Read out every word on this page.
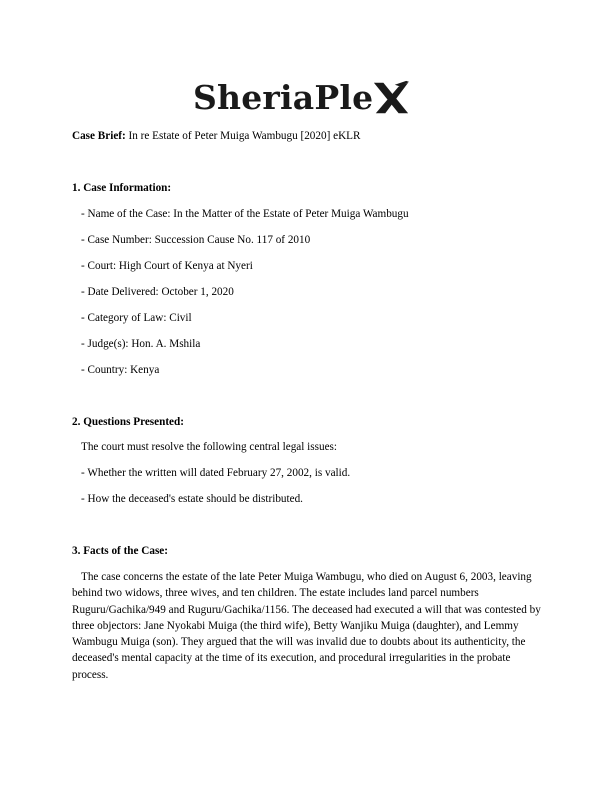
SheriaPle
Case Brief: In re Estate of Peter Muiga Wambugu [2020] eKLR
1. Case Information:
- Name of the Case: In the Matter of the Estate of Peter Muiga Wambugu
- Case Number: Succession Cause No. 117 of 2010
- Court: High Court of Kenya at Nyeri
- Date Delivered: October 1, 2020
- Category of Law: Civil
- Judge(s): Hon. A. Mshila
- Country: Kenya
2. Questions Presented:
The court must resolve the following central legal issues:
- Whether the written will dated February 27, 2002, is valid.
- How the deceased's estate should be distributed.
3. Facts of the Case:
The case concerns the estate of the late Peter Muiga Wambugu, who died on August 6, 2003, leaving behind two widows, three wives, and ten children. The estate includes land parcel numbers Ruguru/Gachika/949 and Ruguru/Gachika/1156. The deceased had executed a will that was contested by three objectors: Jane Nyokabi Muiga (the third wife), Betty Wanjiku Muiga (daughter), and Lemmy Wambugu Muiga (son). They argued that the will was invalid due to doubts about its authenticity, the deceased's mental capacity at the time of its execution, and procedural irregularities in the probate process.
